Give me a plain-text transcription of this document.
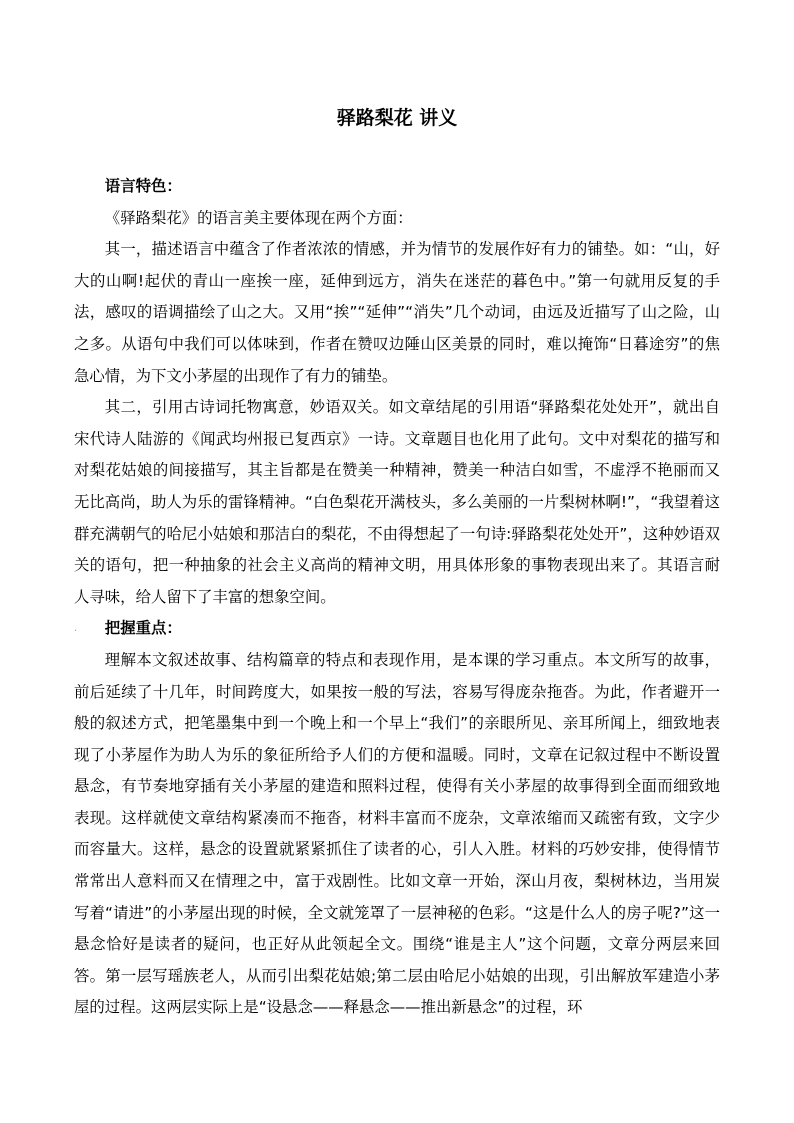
驿路梨花 讲义
语言特色：

《驿路梨花》的语言美主要体现在两个方面：

其一，描述语言中蕴含了作者浓浓的情感，并为情节的发展作好有力的铺垫。如：“山，好大的山啊!起伏的青山一座挨一座，延伸到远方，消失在迷茫的暮色中。”第一句就用反复的手法，感叹的语调描绘了山之大。又用“挨”“延伸”“消失”几个动词，由远及近描写了山之险，山之多。从语句中我们可以体味到，作者在赞叹边陲山区美景的同时，难以掩饰“日暮途穷”的焦急心情，为下文小茅屋的出现作了有力的铺垫。

其二，引用古诗词托物寓意，妙语双关。如文章结尾的引用语“驿路梨花处处开”，就出自宋代诗人陆游的《闻武均州报已复西京》一诗。文章题目也化用了此句。文中对梨花的描写和对梨花姑娘的间接描写，其主旨都是在赞美一种精神，赞美一种洁白如雪，不虚浮不艳丽而又无比高尚，助人为乐的雷锋精神。“白色梨花开满枝头，多么美丽的一片梨树林啊!”，“我望着这群充满朝气的哈尼小姑娘和那洁白的梨花，不由得想起了一句诗:驿路梨花处处开”，这种妙语双关的语句，把一种抽象的社会主义高尚的精神文明，用具体形象的事物表现出来了。其语言耐人寻味，给人留下了丰富的想象空间。

.	把握重点：

理解本文叙述故事、结构篇章的特点和表现作用，是本课的学习重点。本文所写的故事，前后延续了十几年，时间跨度大，如果按一般的写法，容易写得庞杂拖沓。为此，作者避开一般的叙述方式，把笔墨集中到一个晚上和一个早上“我们”的亲眼所见、亲耳所闻上，细致地表现了小茅屋作为助人为乐的象征所给予人们的方便和温暖。同时，文章在记叙过程中不断设置悬念，有节奏地穿插有关小茅屋的建造和照料过程，使得有关小茅屋的故事得到全面而细致地表现。这样就使文章结构紧凑而不拖沓，材料丰富而不庞杂，文章浓缩而又疏密有致，文字少而容量大。这样，悬念的设置就紧紧抓住了读者的心，引人入胜。材料的巧妙安排，使得情节常常出人意料而又在情理之中，富于戏剧性。比如文章一开始，深山月夜，梨树林边，当用炭写着“请进”的小茅屋出现的时候，全文就笼罩了一层神秘的色彩。“这是什么人的房子呢?”这一悬念恰好是读者的疑问，也正好从此领起全文。围绕“谁是主人”这个问题，文章分两层来回答。第一层写瑶族老人，从而引出梨花姑娘;第二层由哈尼小姑娘的出现，引出解放军建造小茅屋的过程。这两层实际上是“设悬念——释悬念——推出新悬念”的过程，环
